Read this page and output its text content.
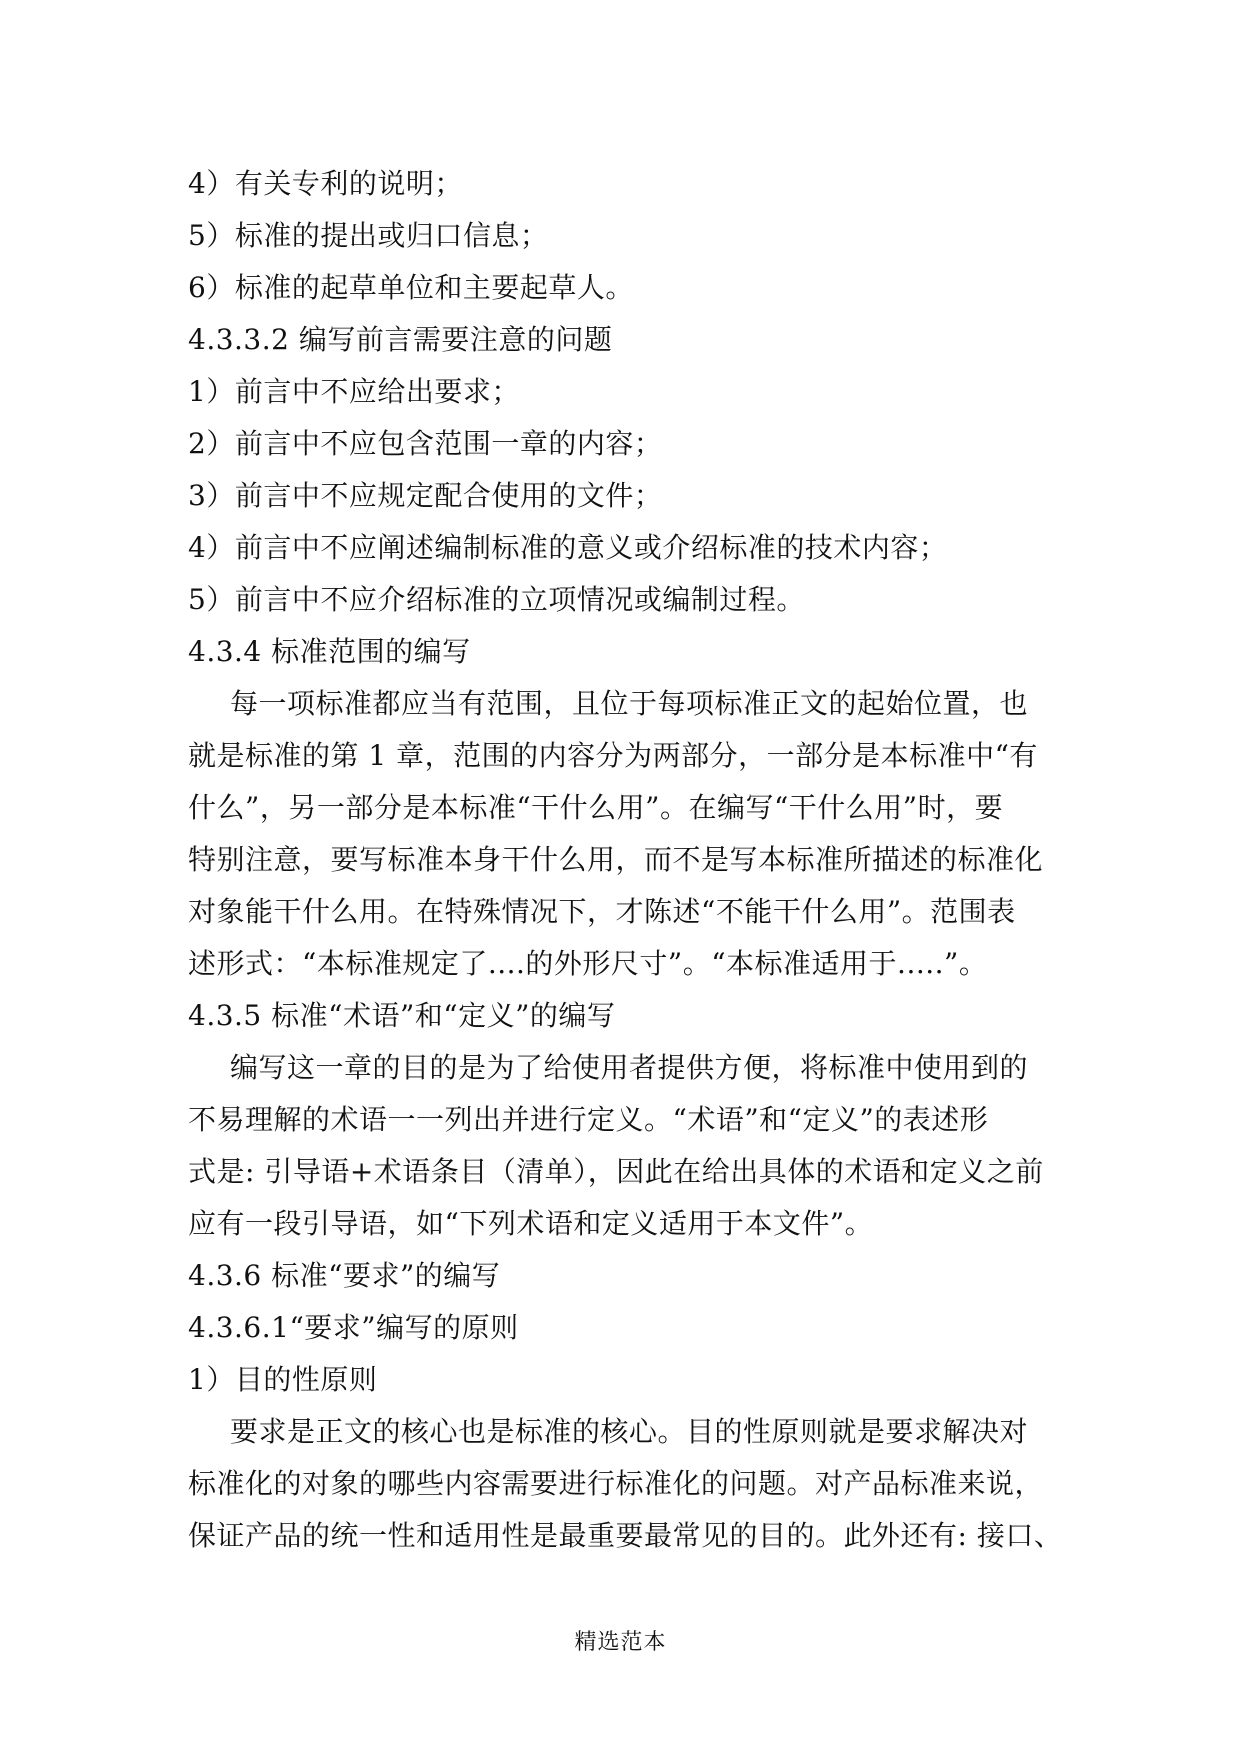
4）有关专利的说明；
5）标准的提出或归口信息；
6）标准的起草单位和主要起草人。
4.3.3.2 编写前言需要注意的问题
1）前言中不应给出要求；
2）前言中不应包含范围一章的内容；
3）前言中不应规定配合使用的文件；
4）前言中不应阐述编制标准的意义或介绍标准的技术内容；
5）前言中不应介绍标准的立项情况或编制过程。
4.3.4 标准范围的编写
每一项标准都应当有范围，且位于每项标准正文的起始位置，也
就是标准的第 1 章，范围的内容分为两部分，一部分是本标准中“有
什么”，另一部分是本标准“干什么用”。在编写“干什么用”时，要
特别注意，要写标准本身干什么用，而不是写本标准所描述的标准化
对象能干什么用。在特殊情况下，才陈述“不能干什么用”。范围表
述形式：“本标准规定了....的外形尺寸”。“本标准适用于.....”。
4.3.5 标准“术语”和“定义”的编写
编写这一章的目的是为了给使用者提供方便，将标准中使用到的
不易理解的术语一一列出并进行定义。“术语”和“定义”的表述形
式是: 引导语+术语条目（清单），因此在给出具体的术语和定义之前
应有一段引导语，如“下列术语和定义适用于本文件”。
4.3.6 标准“要求”的编写
4.3.6.1“要求”编写的原则
1）目的性原则
要求是正文的核心也是标准的核心。目的性原则就是要求解决对
标准化的对象的哪些内容需要进行标准化的问题。对产品标准来说，
保证产品的统一性和适用性是最重要最常见的目的。此外还有: 接口、
精选范本
